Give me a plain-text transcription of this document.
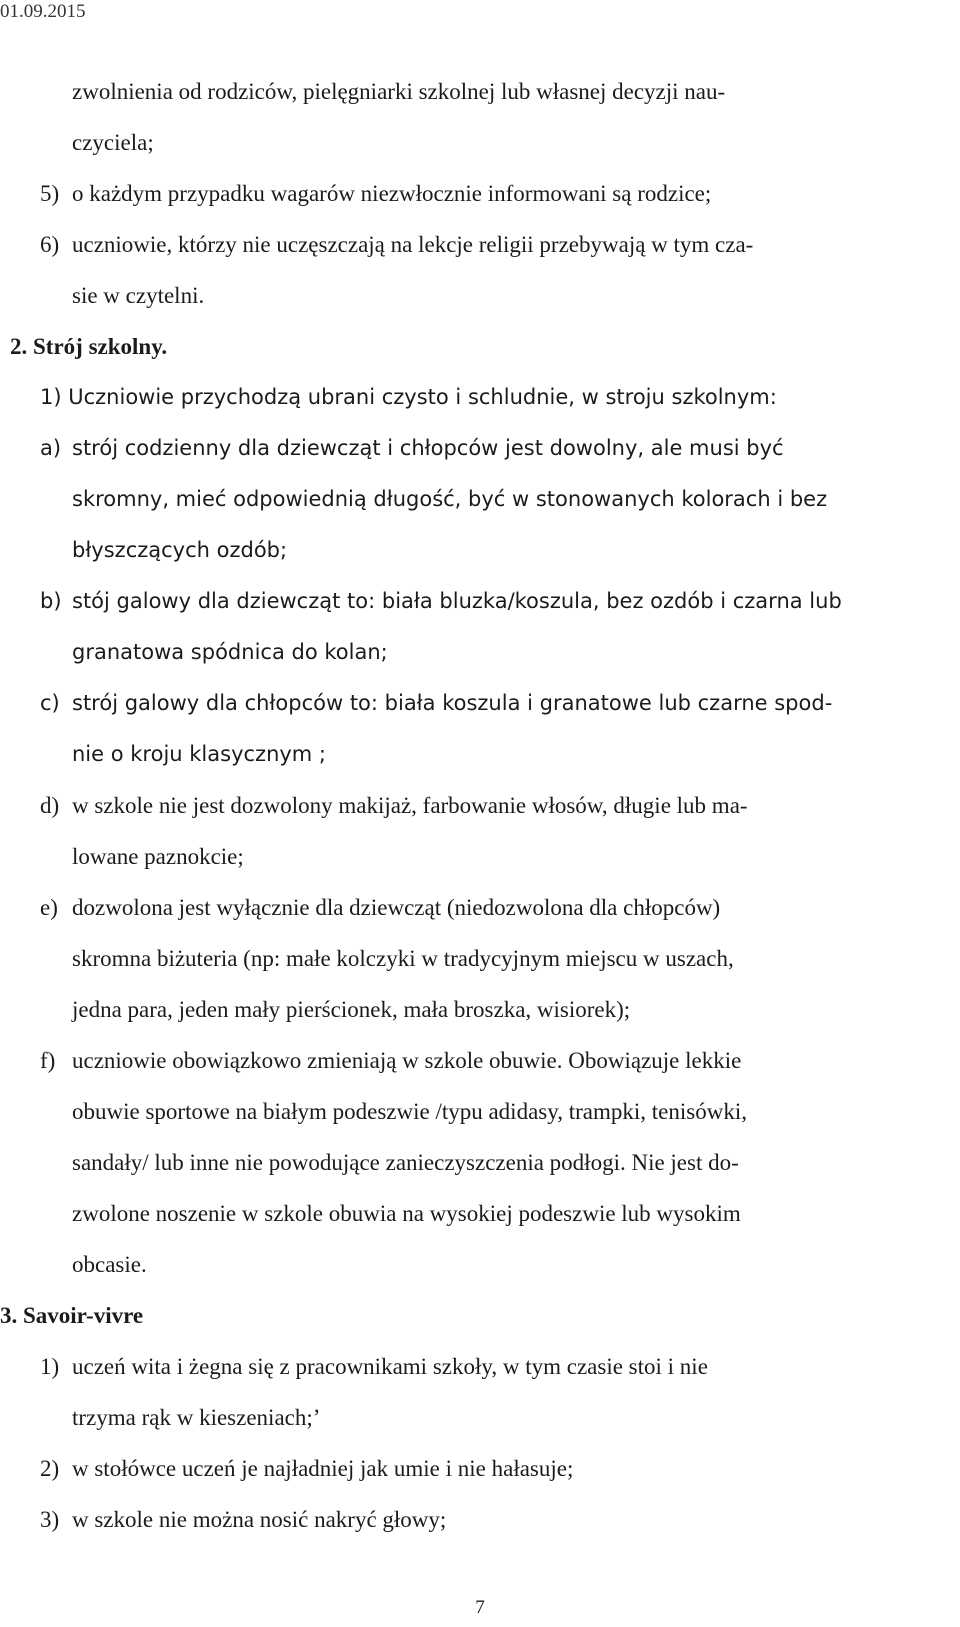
01.09.2015
zwolnienia od rodziców, pielęgniarki szkolnej lub własnej decyzji nau-
czyciela;
5) o każdym przypadku wagarów niezwłocznie informowani są rodzice;
6) uczniowie, którzy nie uczęszczają na lekcje religii przebywają w tym cza-
sie w czytelni.
2. Strój szkolny.
1) Uczniowie przychodzą ubrani czysto i schludnie, w stroju szkolnym:
a) strój codzienny dla dziewcząt i chłopców jest dowolny, ale musi być
skromny, mieć odpowiednią długość, być w stonowanych kolorach i bez
błyszczących ozdób;
b) stój galowy dla dziewcząt to: biała bluzka/koszula, bez ozdób i czarna lub
granatowa spódnica do kolan;
c) strój galowy dla chłopców to: biała koszula i granatowe lub czarne spod-
nie o kroju klasycznym ;
d) w szkole nie jest dozwolony makijaż, farbowanie włosów, długie lub ma-
lowane paznokcie;
e) dozwolona jest wyłącznie dla dziewcząt (niedozwolona dla chłopców)
skromna biżuteria (np: małe kolczyki w tradycyjnym miejscu w uszach,
jedna para, jeden mały pierścionek, mała broszka, wisiorek);
f) uczniowie obowiązkowo zmieniają w szkole obuwie. Obowiązuje lekkie
obuwie sportowe na białym podeszwie /typu adidasy, trampki, tenisówki,
sandały/ lub inne nie powodujące zanieczyszczenia podłogi. Nie jest do-
zwolone noszenie w szkole obuwia na wysokiej podeszwie lub wysokim
obcasie.
3. Savoir-vivre
1) uczeń wita i żegna się z pracownikami szkoły, w tym czasie stoi i nie
trzyma rąk w kieszeniach;’
2) w stołówce uczeń je najładniej jak umie i nie hałasuje;
3) w szkole nie można nosić nakryć głowy;
7
